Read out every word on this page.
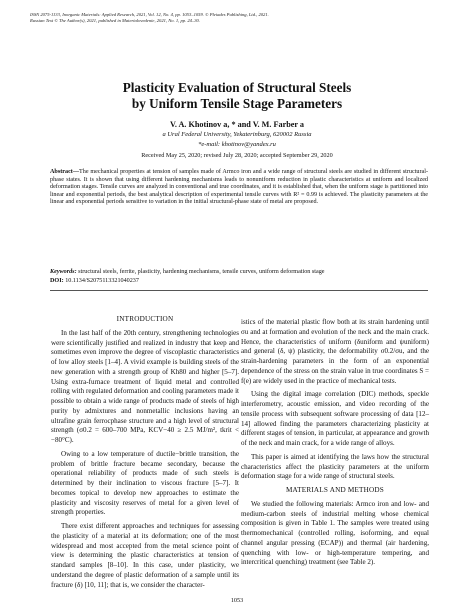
ISSN 2075-1133, Inorganic Materials: Applied Research, 2021, Vol. 12, No. 4, pp. 1053–1059. © Pleiades Publishing, Ltd., 2021.
Russian Text © The Author(s), 2021, published in Materialovedenie, 2021, No. 1, pp. 24–30.
Plasticity Evaluation of Structural Steels
by Uniform Tensile Stage Parameters
V. A. Khotinov a, * and V. M. Farber a
a Ural Federal University, Yekaterinburg, 620002 Russia
*e-mail: khotinov@yandex.ru
Received May 25, 2020; revised July 28, 2020; accepted September 29, 2020
Abstract—The mechanical properties at tension of samples made of Armco iron and a wide range of structural steels are studied in different structural-phase states. It is shown that using different hardening mechanisms leads to nonuniform reduction in plastic characteristics at uniform and localized deformation stages. Tensile curves are analyzed in conventional and true coordinates, and it is established that, when the uniform stage is partitioned into linear and exponential periods, the best analytical description of experimental tensile curves with R² = 0.99 is achieved. The plasticity parameters at the linear and exponential periods sensitive to variation in the initial structural-phase state of metal are proposed.
Keywords: structural steels, ferrite, plasticity, hardening mechanisms, tensile curves, uniform deformation stage
DOI: 10.1134/S2075113321040237
INTRODUCTION

In the last half of the 20th century, strengthening technologies were scientifically justified and realized in industry that keep and sometimes even improve the degree of viscoplastic characteristics of low alloy steels [1–4]. A vivid example is building steels of the new generation with a strength group of Kh80 and higher [5–7]. Using extra-furnace treatment of liquid metal and controlled rolling with regulated deformation and cooling parameters made it possible to obtain a wide range of products made of steels of high purity by admixtures and nonmetallic inclusions having an ultrafine grain ferrocphase structure and a high level of structural strength (σ0.2 = 600–700 MPa, KCV−40 ≥ 2.5 MJ/m², tkrit < −80°C).

Owing to a low temperature of ductile−brittle transition, the problem of brittle fracture became secondary, because the operational reliability of products made of such steels is determined by their inclination to viscous fracture [5–7]. It becomes topical to develop new approaches to estimate the plasticity and viscosity reserves of metal for a given level of strength properties.

There exist different approaches and techniques for assessing the plasticity of a material at its deformation; one of the most widespread and most accepted from the metal science point of view is determining the plastic characteristics at tension of standard samples [8–10]. In this case, under plasticity, we understand the degree of plastic deformation of a sample until its fracture (δ) [10, 11]; that is, we consider the character-

istics of the material plastic flow both at its strain hardening until σu and at formation and evolution of the neck and the main crack. Hence, the characteristics of uniform (δuniform and ψuniform) and general (δ, ψ) plasticity, the deformability σ0.2/σu, and the strain-hardening parameters in the form of an exponential dependence of the stress on the strain value in true coordinates S = f(e) are widely used in the practice of mechanical tests.

Using the digital image correlation (DIC) methods, speckle interferometry, acoustic emission, and video recording of the tensile process with subsequent software processing of data [12–14] allowed finding the parameters characterizing plasticity at different stages of tension, in particular, at appearance and growth of the neck and main crack, for a wide range of alloys.

This paper is aimed at identifying the laws how the structural characteristics affect the plasticity parameters at the uniform deformation stage for a wide range of structural steels.

MATERIALS AND METHODS

We studied the following materials: Armco iron and low- and medium-carbon steels of industrial melting whose chemical composition is given in Table 1. The samples were treated using thermomechanical (controlled rolling, isoforming, and equal channel angular pressing (ECAP)) and thermal (air hardening, quenching with low- or high-temperature tempering, and intercritical quenching) treatment (see Table 2).

1053
